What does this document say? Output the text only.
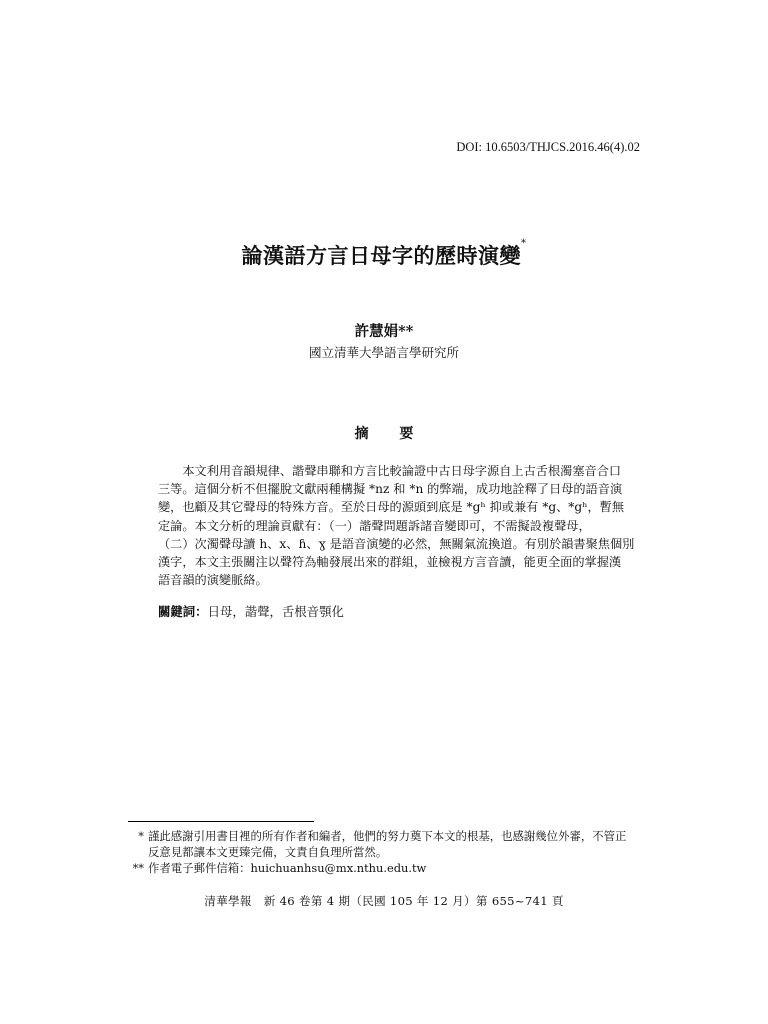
DOI: 10.6503/THJCS.2016.46(4).02
論漢語方言日母字的歷時演變*
許慧娟**
國立清華大學語言學研究所
摘 要

　　本文利用音韻規律、諧聲串聯和方言比較論證中古日母字源自上古舌根濁塞音合口
三等。這個分析不但擺脫文獻兩種構擬 *nz 和 *n 的弊端，成功地詮釋了日母的語音演
變，也顧及其它聲母的特殊方音。至於日母的源頭到底是 *gʰ 抑或兼有 *g、*gʰ，暫無
定論。本文分析的理論貢獻有：（一）諧聲問題訴諸音變即可，不需擬設複聲母，
（二）次濁聲母讀 h、x、ɦ、ɣ 是語音演變的必然，無關氣流換道。有別於韻書聚焦個別
漢字，本文主張關注以聲符為軸發展出來的群組，並檢視方言音讀，能更全面的掌握漢
語音韻的演變脈絡。

關鍵詞：日母，諧聲，舌根音顎化
* 謹此感謝引用書目裡的所有作者和編者，他們的努力奠下本文的根基，也感謝幾位外審，不管正
反意見都讓本文更臻完備，文責自負理所當然。
** 作者電子郵件信箱：huichuanhsu@mx.nthu.edu.tw
清華學報　新 46 卷第 4 期（民國 105 年 12 月）第 655~741 頁
